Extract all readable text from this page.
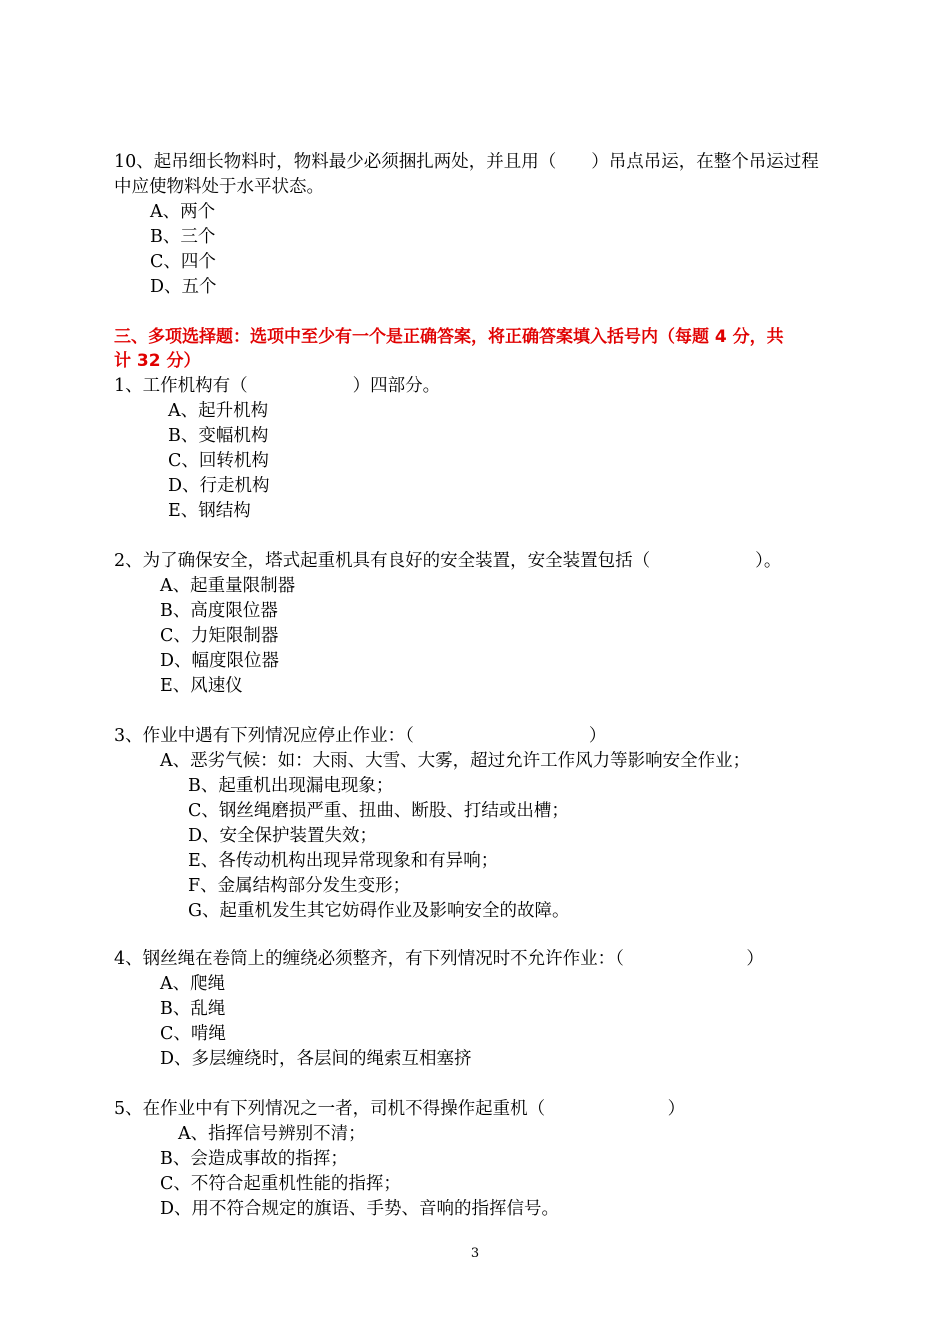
10、起吊细长物料时，物料最少必须捆扎两处，并且用（　　）吊点吊运，在整个吊运过程
中应使物料处于水平状态。
A、两个
B、三个
C、四个
D、五个
三、多项选择题：选项中至少有一个是正确答案，将正确答案填入括号内（每题 4 分，共
计 32 分）
1、工作机构有（　　　　　　）四部分。
A、起升机构
B、变幅机构
C、回转机构
D、行走机构
E、钢结构
2、为了确保安全，塔式起重机具有良好的安全装置，安全装置包括（　　　　　　）。
A、起重量限制器
B、高度限位器
C、力矩限制器
D、幅度限位器
E、风速仪
3、作业中遇有下列情况应停止作业：（　　　　　　　　　　）
A、恶劣气候：如：大雨、大雪、大雾，超过允许工作风力等影响安全作业；
B、起重机出现漏电现象；
C、钢丝绳磨损严重、扭曲、断股、打结或出槽；
D、安全保护装置失效；
E、各传动机构出现异常现象和有异响；
F、金属结构部分发生变形；
G、起重机发生其它妨碍作业及影响安全的故障。
4、钢丝绳在卷筒上的缠绕必须整齐，有下列情况时不允许作业：（　　　　　　　）
A、爬绳
B、乱绳
C、啃绳
D、多层缠绕时，各层间的绳索互相塞挤
5、在作业中有下列情况之一者，司机不得操作起重机（　　　　　　　）
A、指挥信号辨别不清；
B、会造成事故的指挥；
C、不符合起重机性能的指挥；
D、用不符合规定的旗语、手势、音响的指挥信号。
3
